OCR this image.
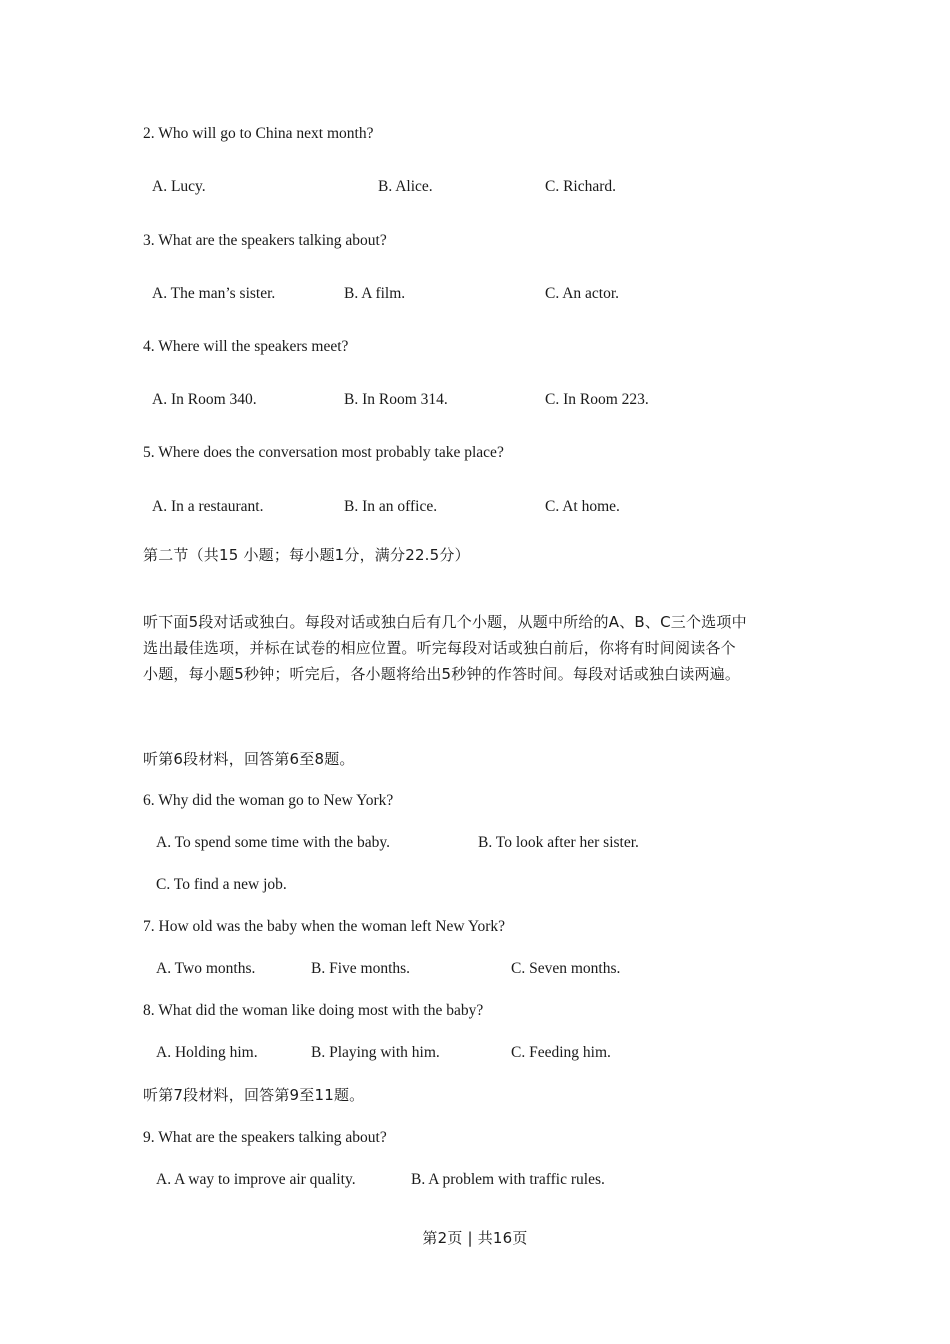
2. Who will go to China next month?
A. Lucy.	B. Alice.	C. Richard.
3. What are the speakers talking about?
A. The man’s sister.	B. A film.	C. An actor.
4. Where will the speakers meet?
A. In Room 340.	B. In Room 314.	C. In Room 223.
5. Where does the conversation most probably take place?
A. In a restaurant.	B. In an office.	C. At home.
第二节（共15 小题；每小题1分，满分22.5分）
听下面5段对话或独白。每段对话或独白后有几个小题，从题中所给的A、B、C三个选项中
选出最佳选项，并标在试卷的相应位置。听完每段对话或独白前后，你将有时间阅读各个
小题，每小题5秒钟；听完后，各小题将给出5秒钟的作答时间。每段对话或独白读两遍。
听第6段材料，回答第6至8题。
6. Why did the woman go to New York?
A. To spend some time with the baby.	B. To look after her sister.
C. To find a new job.
7. How old was the baby when the woman left New York?
A. Two months.	B. Five months.	C. Seven months.
8. What did the woman like doing most with the baby?
A. Holding him.	B. Playing with him.	C. Feeding him.
听第7段材料，回答第9至11题。
9. What are the speakers talking about?
A. A way to improve air quality.	B. A problem with traffic rules.
第2页 | 共16页
